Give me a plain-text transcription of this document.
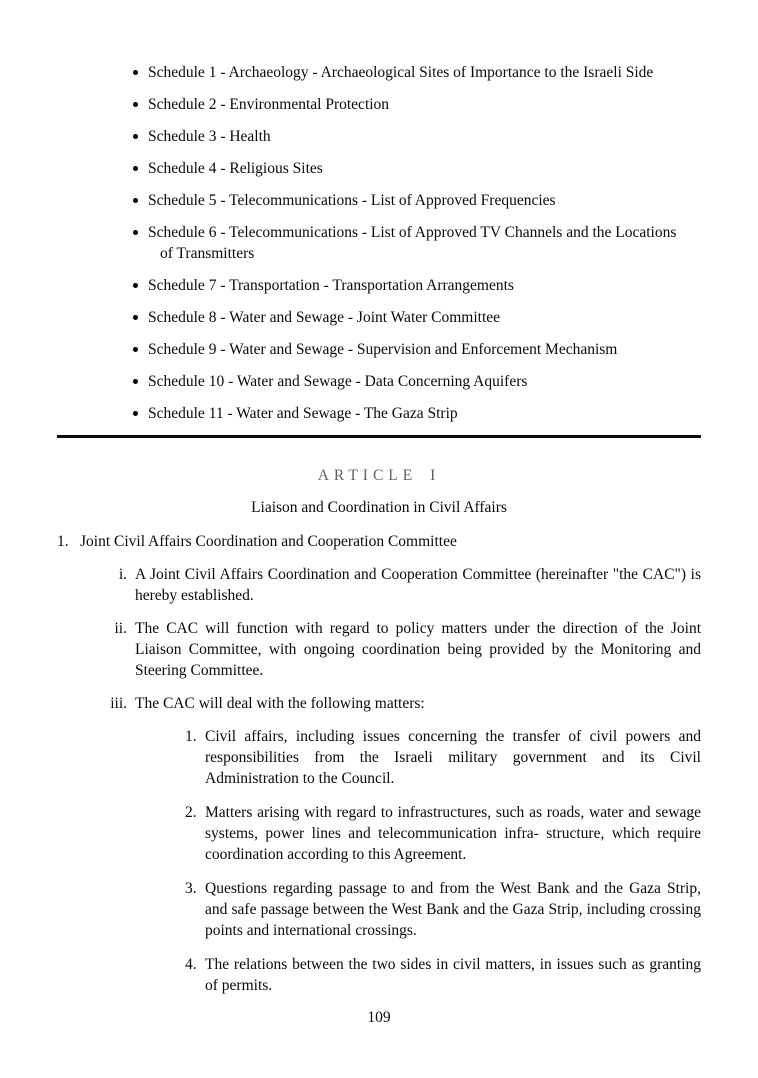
Schedule 1 - Archaeology - Archaeological Sites of Importance to the Israeli Side
Schedule 2 - Environmental Protection
Schedule 3 - Health
Schedule 4 - Religious Sites
Schedule 5 - Telecommunications - List of Approved Frequencies
Schedule 6 - Telecommunications - List of Approved TV Channels and the Locations of Transmitters
Schedule 7 - Transportation - Transportation Arrangements
Schedule 8 - Water and Sewage - Joint Water Committee
Schedule 9 - Water and Sewage - Supervision and Enforcement Mechanism
Schedule 10 - Water and Sewage - Data Concerning Aquifers
Schedule 11 - Water and Sewage - The Gaza Strip
ARTICLE I
Liaison and Coordination in Civil Affairs
1. Joint Civil Affairs Coordination and Cooperation Committee
i. A Joint Civil Affairs Coordination and Cooperation Committee (hereinafter "the CAC") is hereby established.
ii. The CAC will function with regard to policy matters under the direction of the Joint Liaison Committee, with ongoing coordination being provided by the Monitoring and Steering Committee.
iii. The CAC will deal with the following matters:
1. Civil affairs, including issues concerning the transfer of civil powers and responsibilities from the Israeli military government and its Civil Administration to the Council.
2. Matters arising with regard to infrastructures, such as roads, water and sewage systems, power lines and telecommunication infra- structure, which require coordination according to this Agreement.
3. Questions regarding passage to and from the West Bank and the Gaza Strip, and safe passage between the West Bank and the Gaza Strip, including crossing points and international crossings.
4. The relations between the two sides in civil matters, in issues such as granting of permits.
109
